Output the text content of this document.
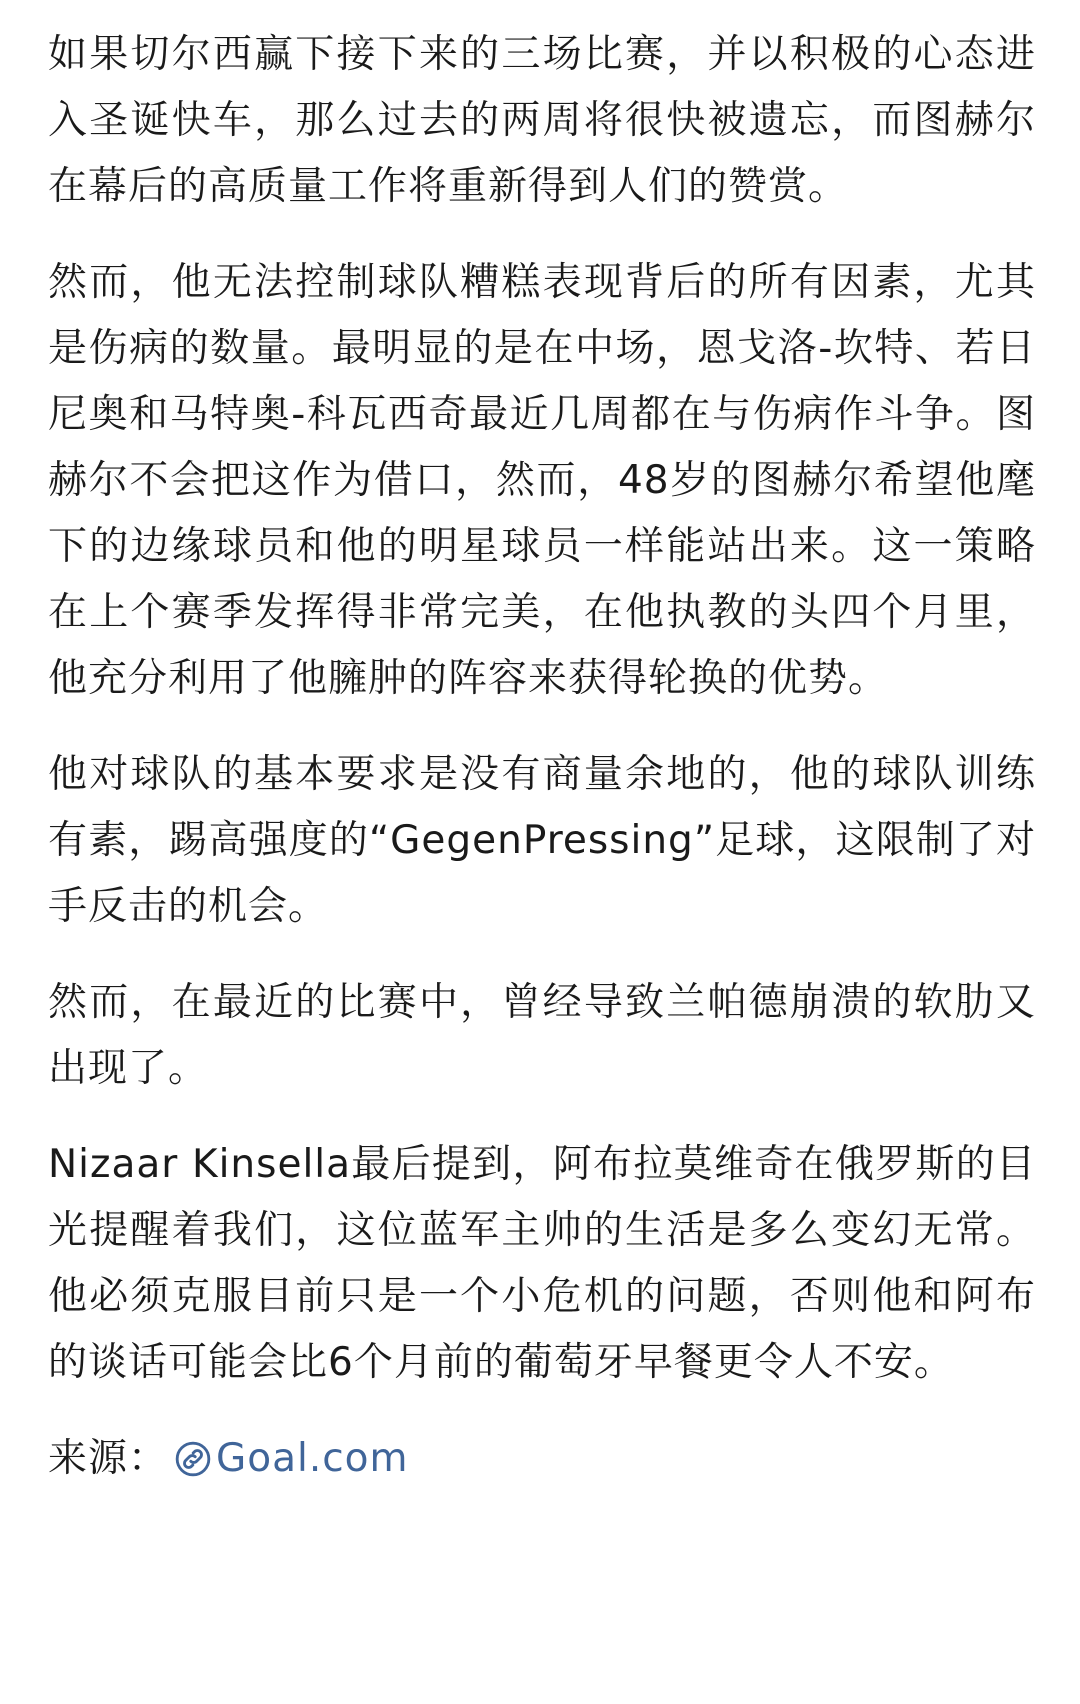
如果切尔西赢下接下来的三场比赛，并以积极的心态进入圣诞快车，那么过去的两周将很快被遗忘，而图赫尔在幕后的高质量工作将重新得到人们的赞赏。

然而，他无法控制球队糟糕表现背后的所有因素，尤其是伤病的数量。最明显的是在中场，恩戈洛-坎特、若日尼奥和马特奥-科瓦西奇最近几周都在与伤病作斗争。图赫尔不会把这作为借口，然而，48岁的图赫尔希望他麾下的边缘球员和他的明星球员一样能站出来。这一策略在上个赛季发挥得非常完美，在他执教的头四个月里，他充分利用了他臃肿的阵容来获得轮换的优势。

他对球队的基本要求是没有商量余地的，他的球队训练有素，踢高强度的“GegenPressing”足球，这限制了对手反击的机会。

然而，在最近的比赛中，曾经导致兰帕德崩溃的软肋又出现了。

Nizaar Kinsella最后提到，阿布拉莫维奇在俄罗斯的目光提醒着我们，这位蓝军主帅的生活是多么变幻无常。他必须克服目前只是一个小危机的问题，否则他和阿布的谈话可能会比6个月前的葡萄牙早餐更令人不安。

来源： Goal.com
